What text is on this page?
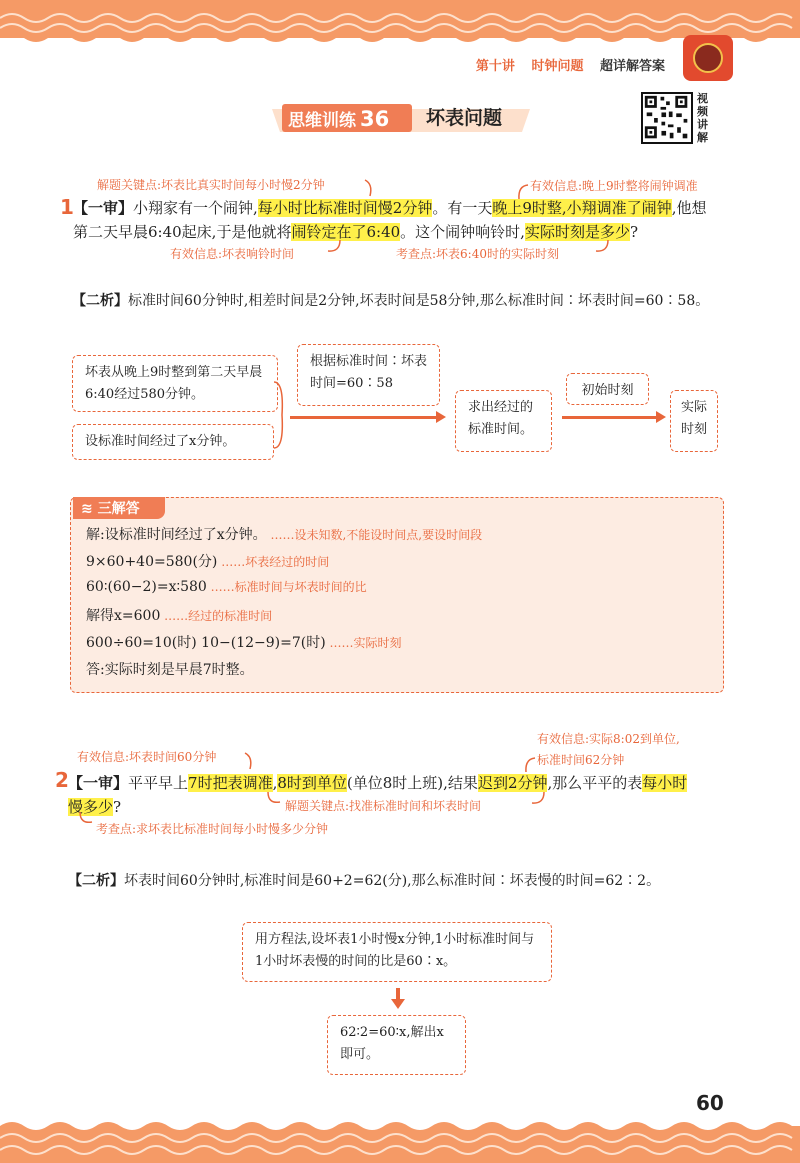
第十讲 时钟问题 超详解答案
思维训练 36	坏表问题
视频讲解
解题关键点:坏表比真实时间每小时慢2分钟	有效信息:晚上9时整将闹钟调准
1 【一审】小翔家有一个闹钟,每小时比标准时间慢2分钟。有一天晚上9时整,小翔调准了闹钟,他想
第二天早晨6:40起床,于是他就将闹铃定在了6:40。这个闹钟响铃时,实际时刻是多少?
有效信息:坏表响铃时间	考查点:坏表6:40时的实际时刻
【二析】标准时间60分钟时,相差时间是2分钟,坏表时间是58分钟,那么标准时间∶坏表时间=60∶58。
坏表从晚上9时整到第二天早晨6:40经过580分钟。
设标准时间经过了x分钟。
根据标准时间∶坏表时间=60∶58
求出经过的标准时间。
初始时刻
实际时刻
≋ 三解答
解:设标准时间经过了x分钟。 ……设未知数,不能设时间点,要设时间段
9×60+40=580(分) ……坏表经过的时间
60∶(60−2)=x∶580 ……标准时间与坏表时间的比
解得x=600 ……经过的标准时间
600÷60=10(时) 10−(12−9)=7(时) ……实际时刻
答:实际时刻是早晨7时整。
有效信息:实际8:02到单位,
标准时间62分钟
有效信息:坏表时间60分钟
2 【一审】平平早上7时把表调准,8时到单位(单位8时上班),结果迟到2分钟,那么平平的表每小时
慢多少?	解题关键点:找准标准时间和坏表时间
考查点:求坏表比标准时间每小时慢多少分钟
【二析】坏表时间60分钟时,标准时间是60+2=62(分),那么标准时间∶坏表慢的时间=62∶2。
用方程法,设坏表1小时慢x分钟,1小时标准时间与1小时坏表慢的时间的比是60∶x。
62∶2=60∶x,解出x即可。
60
